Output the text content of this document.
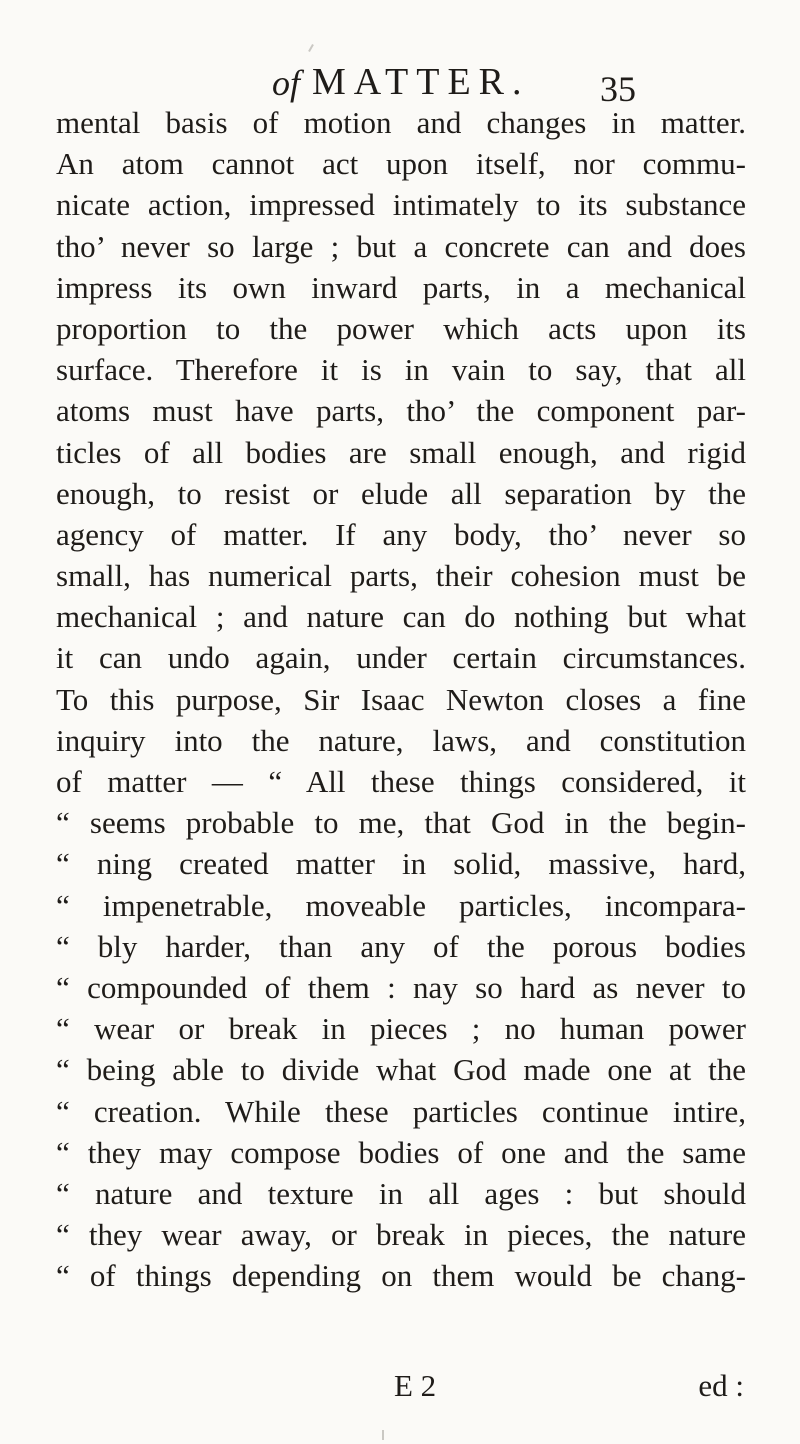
of MATTER. 35
mental basis of motion and changes in matter.
An atom cannot act upon itself, nor commu-
nicate action, impressed intimately to its substance
tho’ never so large ; but a concrete can and does
impress its own inward parts, in a mechanical
proportion to the power which acts upon its
surface. Therefore it is in vain to say, that all
atoms must have parts, tho’ the component par-
ticles of all bodies are small enough, and rigid
enough, to resist or elude all separation by the
agency of matter. If any body, tho’ never so
small, has numerical parts, their cohesion must be
mechanical ; and nature can do nothing but what
it can undo again, under certain circumstances.
To this purpose, Sir Isaac Newton closes a fine
inquiry into the nature, laws, and constitution
of matter — “ All these things considered, it
“ seems probable to me, that God in the begin-
“ ning created matter in solid, massive, hard,
“ impenetrable, moveable particles, incompara-
“ bly harder, than any of the porous bodies
“ compounded of them : nay so hard as never to
“ wear or break in pieces ; no human power
“ being able to divide what God made one at the
“ creation. While these particles continue intire,
“ they may compose bodies of one and the same
“ nature and texture in all ages : but should
“ they wear away, or break in pieces, the nature
“ of things depending on them would be chang-
E 2	ed :
